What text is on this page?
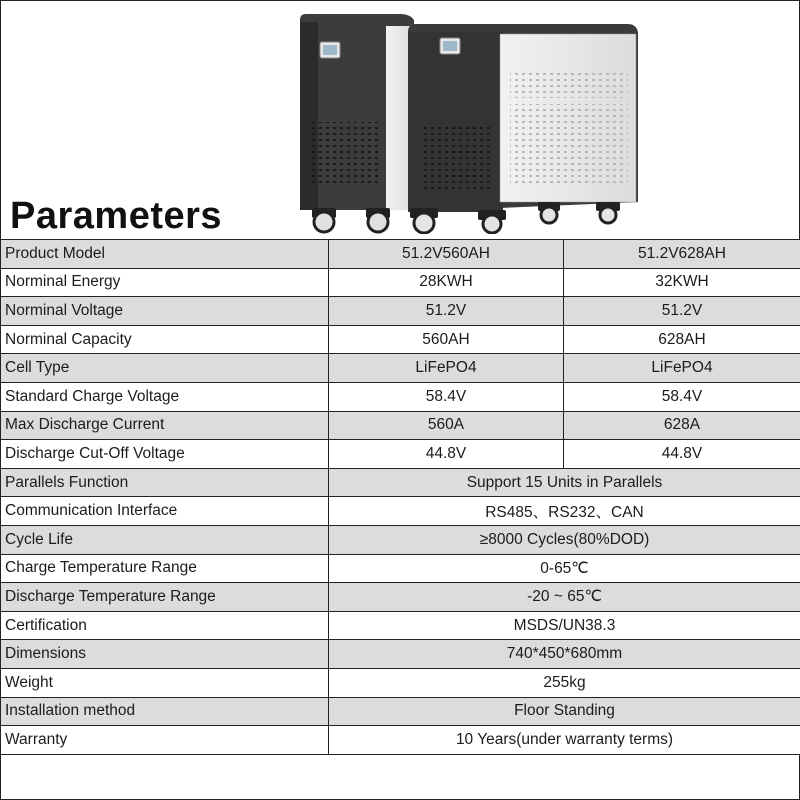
Parameters
Product Model	51.2V560AH	51.2V628AH
Norminal Energy	28KWH	32KWH
Norminal Voltage	51.2V	51.2V
Norminal Capacity	560AH	628AH
Cell Type	LiFePO4	LiFePO4
Standard Charge Voltage	58.4V	58.4V
Max Discharge Current	560A	628A
Discharge Cut-Off Voltage	44.8V	44.8V
Parallels Function	Support 15 Units in Parallels	
Communication Interface	RS485、RS232、CAN	
Cycle Life	≥8000 Cycles(80%DOD)	
Charge Temperature Range	0-65℃	
Discharge Temperature Range	-20 ~ 65℃	
Certification	MSDS/UN38.3	
Dimensions	740*450*680mm	
Weight	255kg	
Installation method	Floor Standing	
Warranty	10 Years(under warranty terms)	
